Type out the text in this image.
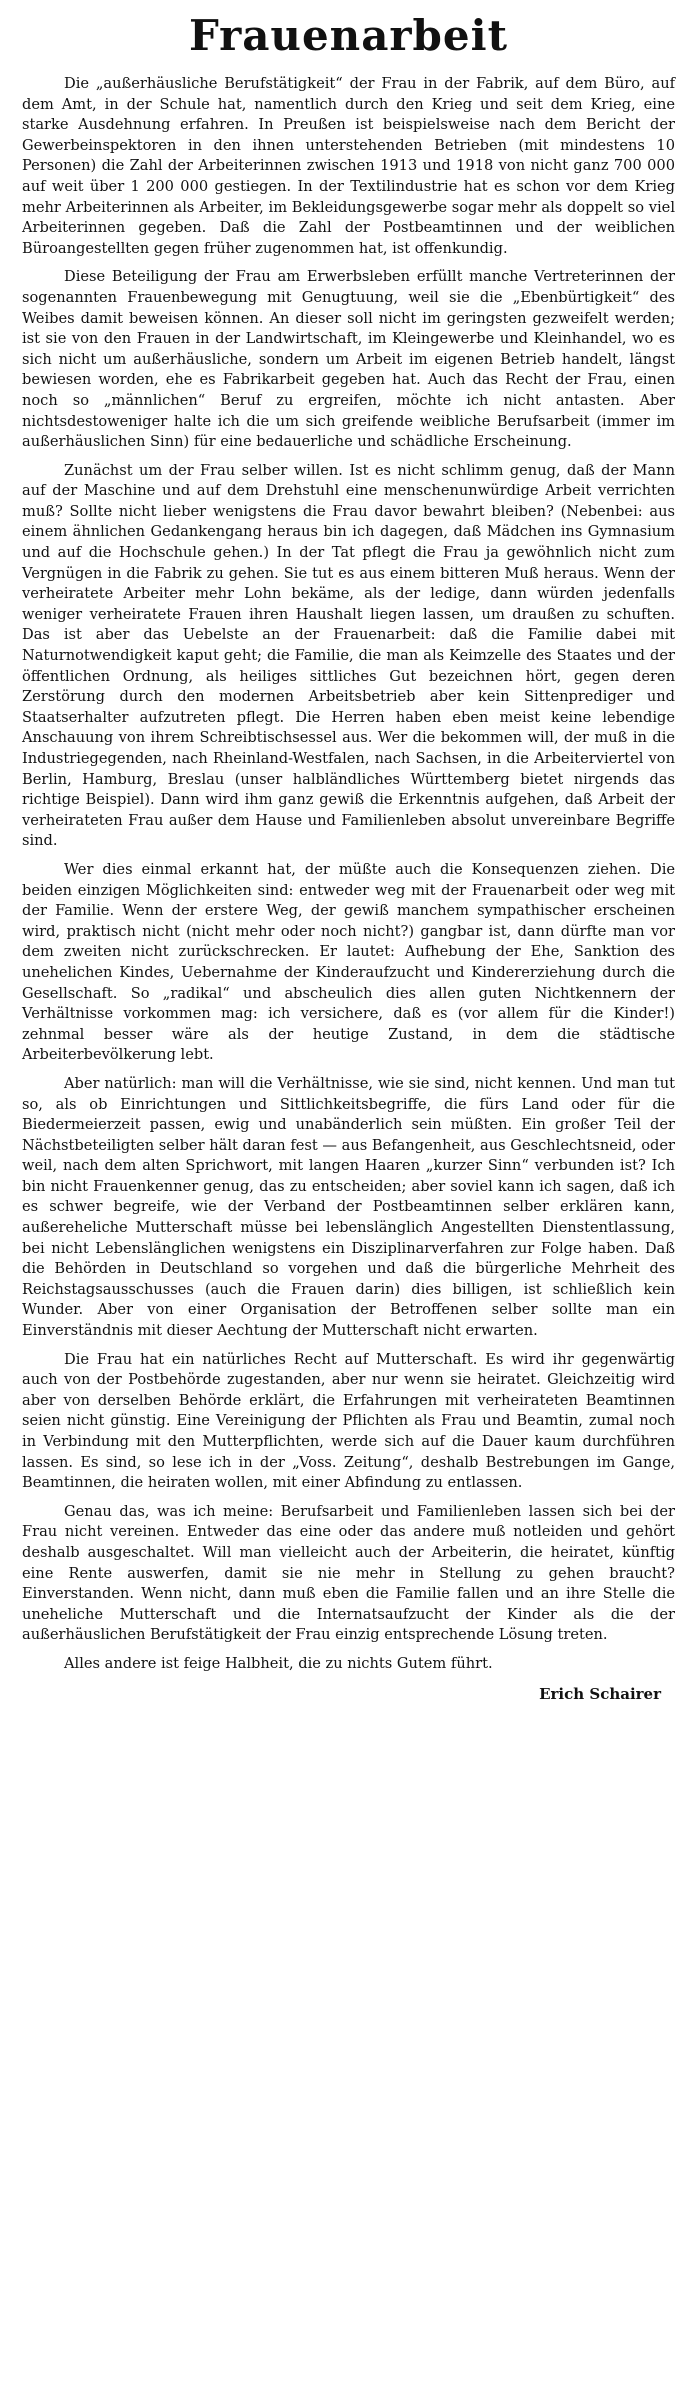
Frauenarbeit

Die „außerhäusliche Berufstätigkeit“ der Frau in der Fabrik, auf dem Büro, auf dem Amt, in der Schule hat, namentlich durch den Krieg und seit dem Krieg, eine starke Ausdehnung erfahren. In Preußen ist beispielsweise nach dem Bericht der Gewerbeinspektoren in den ihnen unterstehenden Betrieben (mit mindestens 10 Personen) die Zahl der Arbeiterinnen zwischen 1913 und 1918 von nicht ganz 700 000 auf weit über 1 200 000 gestiegen. In der Textilindustrie hat es schon vor dem Krieg mehr Arbeiterinnen als Arbeiter, im Bekleidungsgewerbe sogar mehr als doppelt so viel Arbeiterinnen gegeben. Daß die Zahl der Postbeamtinnen und der weiblichen Büroangestellten gegen früher zugenommen hat, ist offenkundig.

Diese Beteiligung der Frau am Erwerbsleben erfüllt manche Vertreterinnen der sogenannten Frauenbewegung mit Genugtuung, weil sie die „Ebenbürtigkeit“ des Weibes damit beweisen können. An dieser soll nicht im geringsten gezweifelt werden; ist sie von den Frauen in der Landwirtschaft, im Kleingewerbe und Kleinhandel, wo es sich nicht um außerhäusliche, sondern um Arbeit im eigenen Betrieb handelt, längst bewiesen worden, ehe es Fabrikarbeit gegeben hat. Auch das Recht der Frau, einen noch so „männlichen“ Beruf zu ergreifen, möchte ich nicht antasten. Aber nichtsdestoweniger halte ich die um sich greifende weibliche Berufsarbeit (immer im außerhäuslichen Sinn) für eine bedauerliche und schädliche Erscheinung.

Zunächst um der Frau selber willen. Ist es nicht schlimm genug, daß der Mann auf der Maschine und auf dem Drehstuhl eine menschenunwürdige Arbeit verrichten muß? Sollte nicht lieber wenigstens die Frau davor bewahrt bleiben? (Nebenbei: aus einem ähnlichen Gedankengang heraus bin ich dagegen, daß Mädchen ins Gymnasium und auf die Hochschule gehen.) In der Tat pflegt die Frau ja gewöhnlich nicht zum Vergnügen in die Fabrik zu gehen. Sie tut es aus einem bitteren Muß heraus. Wenn der verheiratete Arbeiter mehr Lohn bekäme, als der ledige, dann würden jedenfalls weniger verheiratete Frauen ihren Haushalt liegen lassen, um draußen zu schuften. Das ist aber das Uebelste an der Frauenarbeit: daß die Familie dabei mit Naturnotwendigkeit kaput geht; die Familie, die man als Keimzelle des Staates und der öffentlichen Ordnung, als heiliges sittliches Gut bezeichnen hört, gegen deren Zerstörung durch den modernen Arbeitsbetrieb aber kein Sittenprediger und Staatserhalter aufzutreten pflegt. Die Herren haben eben meist keine lebendige Anschauung von ihrem Schreibtischsessel aus. Wer die bekommen will, der muß in die Industriegegenden, nach Rheinland-Westfalen, nach Sachsen, in die Arbeiterviertel von Berlin, Hamburg, Breslau (unser halbländliches Württemberg bietet nirgends das richtige Beispiel). Dann wird ihm ganz gewiß die Erkenntnis aufgehen, daß Arbeit der verheirateten Frau außer dem Hause und Familienleben absolut unvereinbare Begriffe sind.

Wer dies einmal erkannt hat, der müßte auch die Konsequenzen ziehen. Die beiden einzigen Möglichkeiten sind: entweder weg mit der Frauenarbeit oder weg mit der Familie. Wenn der erstere Weg, der gewiß manchem sympathischer erscheinen wird, praktisch nicht (nicht mehr oder noch nicht?) gangbar ist, dann dürfte man vor dem zweiten nicht zurückschrecken. Er lautet: Aufhebung der Ehe, Sanktion des unehelichen Kindes, Uebernahme der Kinderaufzucht und Kindererziehung durch die Gesellschaft. So „radikal“ und abscheulich dies allen guten Nichtkennern der Verhältnisse vorkommen mag: ich versichere, daß es (vor allem für die Kinder!) zehnmal besser wäre als der heutige Zustand, in dem die städtische Arbeiterbevölkerung lebt.

Aber natürlich: man will die Verhältnisse, wie sie sind, nicht kennen. Und man tut so, als ob Einrichtungen und Sittlichkeitsbegriffe, die fürs Land oder für die Biedermeierzeit passen, ewig und unabänderlich sein müßten. Ein großer Teil der Nächstbeteiligten selber hält daran fest — aus Befangenheit, aus Geschlechtsneid, oder weil, nach dem alten Sprichwort, mit langen Haaren „kurzer Sinn“ verbunden ist? Ich bin nicht Frauenkenner genug, das zu entscheiden; aber soviel kann ich sagen, daß ich es schwer begreife, wie der Verband der Postbeamtinnen selber erklären kann, außereheliche Mutterschaft müsse bei lebenslänglich Angestellten Dienstentlassung, bei nicht Lebenslänglichen wenigstens ein Disziplinarverfahren zur Folge haben. Daß die Behörden in Deutschland so vorgehen und daß die bürgerliche Mehrheit des Reichstagsausschusses (auch die Frauen darin) dies billigen, ist schließlich kein Wunder. Aber von einer Organisation der Betroffenen selber sollte man ein Einverständnis mit dieser Aechtung der Mutterschaft nicht erwarten.

Die Frau hat ein natürliches Recht auf Mutterschaft. Es wird ihr gegenwärtig auch von der Postbehörde zugestanden, aber nur wenn sie heiratet. Gleichzeitig wird aber von derselben Behörde erklärt, die Erfahrungen mit verheirateten Beamtinnen seien nicht günstig. Eine Vereinigung der Pflichten als Frau und Beamtin, zumal noch in Verbindung mit den Mutterpflichten, werde sich auf die Dauer kaum durchführen lassen. Es sind, so lese ich in der „Voss. Zeitung“, deshalb Bestrebungen im Gange, Beamtinnen, die heiraten wollen, mit einer Abfindung zu entlassen.

Genau das, was ich meine: Berufsarbeit und Familienleben lassen sich bei der Frau nicht vereinen. Entweder das eine oder das andere muß notleiden und gehört deshalb ausgeschaltet. Will man vielleicht auch der Arbeiterin, die heiratet, künftig eine Rente auswerfen, damit sie nie mehr in Stellung zu gehen braucht? Einverstanden. Wenn nicht, dann muß eben die Familie fallen und an ihre Stelle die uneheliche Mutterschaft und die Internatsaufzucht der Kinder als die der außerhäuslichen Berufstätigkeit der Frau einzig entsprechende Lösung treten.

Alles andere ist feige Halbheit, die zu nichts Gutem führt.

Erich Schairer
